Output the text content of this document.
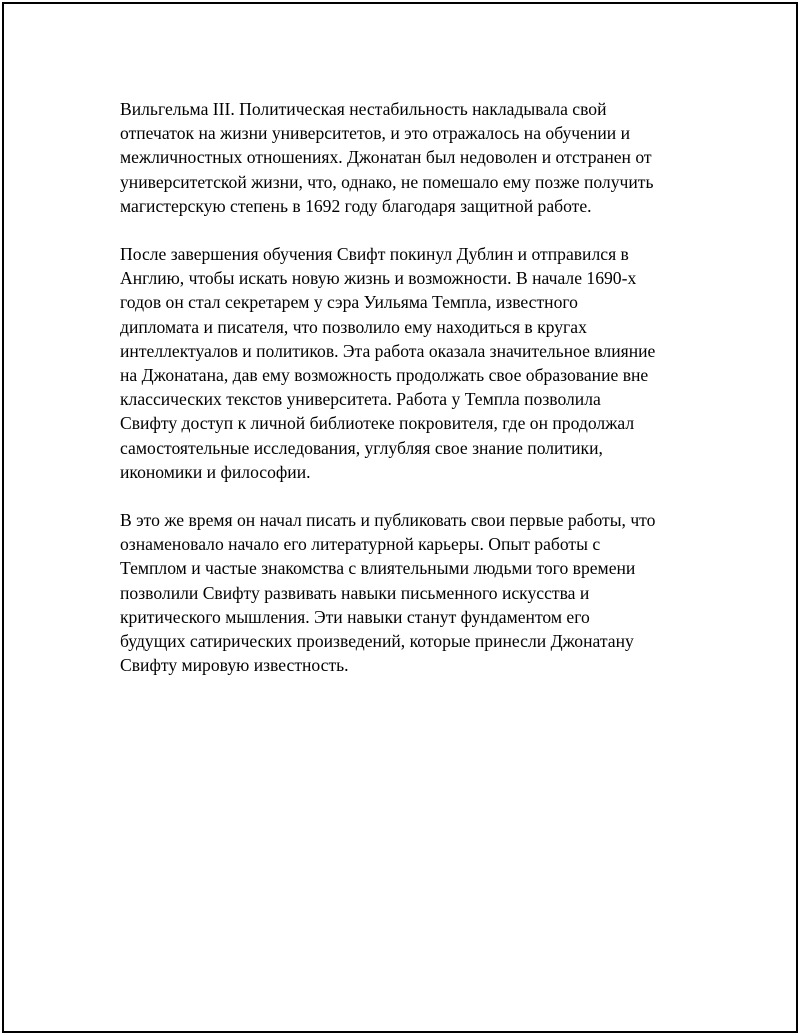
Вильгельма III. Политическая нестабильность накладывала свой
отпечаток на жизни университетов, и это отражалось на обучении и
межличностных отношениях. Джонатан был недоволен и отстранен от
университетской жизни, что, однако, не помешало ему позже получить
магистерскую степень в 1692 году благодаря защитной работе.

После завершения обучения Свифт покинул Дублин и отправился в
Англию, чтобы искать новую жизнь и возможности. В начале 1690-х
годов он стал секретарем у сэра Уильяма Темпла, известного
дипломата и писателя, что позволило ему находиться в кругах
интеллектуалов и политиков. Эта работа оказала значительное влияние
на Джонатана, дав ему возможность продолжать свое образование вне
классических текстов университета. Работа у Темпла позволила
Свифту доступ к личной библиотеке покровителя, где он продолжал
самостоятельные исследования, углубляя свое знание политики,
икономики и философии.

В это же время он начал писать и публиковать свои первые работы, что
ознаменовало начало его литературной карьеры. Опыт работы с
Темплом и частые знакомства с влиятельными людьми того времени
позволили Свифту развивать навыки письменного искусства и
критического мышления. Эти навыки станут фундаментом его
будущих сатирических произведений, которые принесли Джонатану
Свифту мировую известность.
